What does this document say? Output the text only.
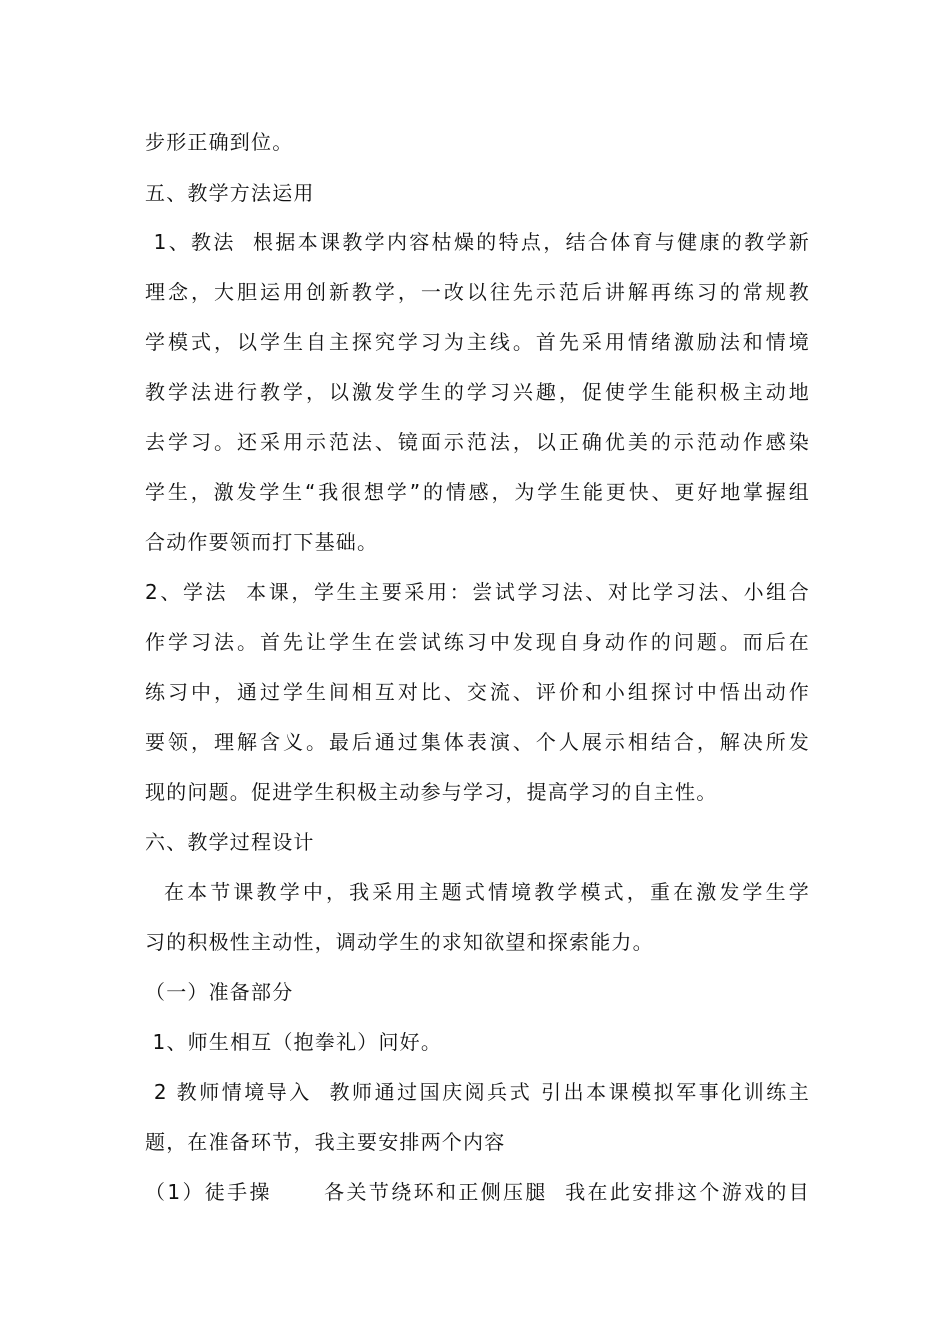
步形正确到位。
五、教学方法运用
1、教法  根据本课教学内容枯燥的特点，结合体育与健康的教学新
理念，大胆运用创新教学，一改以往先示范后讲解再练习的常规教
学模式，以学生自主探究学习为主线。首先采用情绪激励法和情境
教学法进行教学，以激发学生的学习兴趣，促使学生能积极主动地
去学习。还采用示范法、镜面示范法，以正确优美的示范动作感染
学生，激发学生“我很想学”的情感，为学生能更快、更好地掌握组
合动作要领而打下基础。
2、学法  本课，学生主要采用：尝试学习法、对比学习法、小组合
作学习法。首先让学生在尝试练习中发现自身动作的问题。而后在
练习中，通过学生间相互对比、交流、评价和小组探讨中悟出动作
要领，理解含义。最后通过集体表演、个人展示相结合，解决所发
现的问题。促进学生积极主动参与学习，提高学习的自主性。
六、教学过程设计
在本节课教学中，我采用主题式情境教学模式，重在激发学生学
习的积极性主动性，调动学生的求知欲望和探索能力。
（一）准备部分
1、师生相互（抱拳礼）问好。
2 教师情境导入  教师通过国庆阅兵式 引出本课模拟军事化训练主
题，在准备环节，我主要安排两个内容
（1）徒手操      各关节绕环和正侧压腿  我在此安排这个游戏的目
